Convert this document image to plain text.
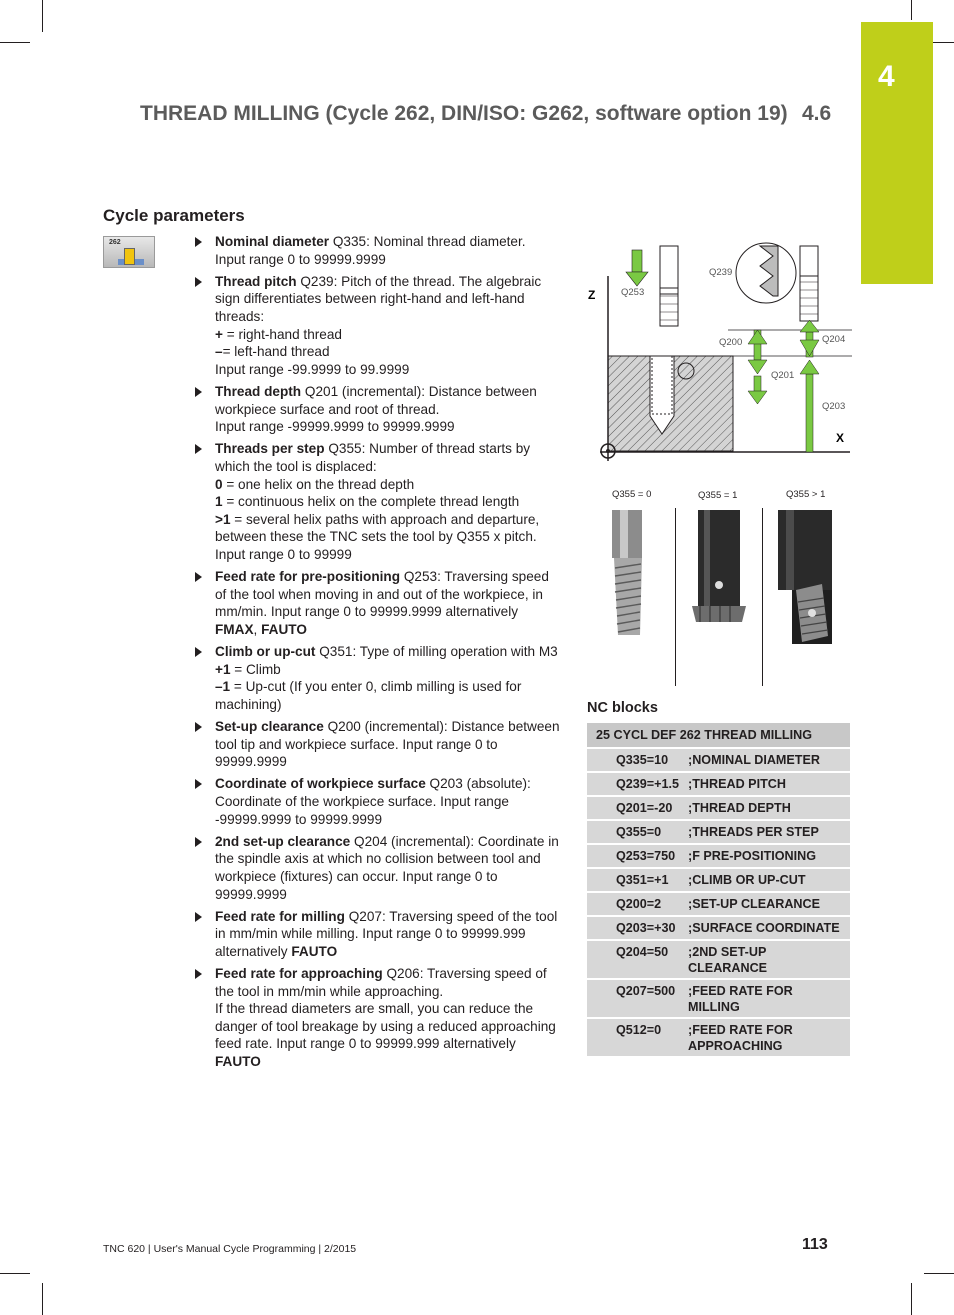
4
THREAD MILLING (Cycle 262, DIN/ISO: G262, software option 19) 4.6
Cycle parameters
262	Nominal diameter Q335: Nominal thread diameter.
Input range 0 to 99999.9999
Thread pitch Q239: Pitch of the thread. The algebraic sign differentiates between right-hand and left-hand threads:
+ = right-hand thread
–= left-hand thread
Input range -99.9999 to 99.9999
Thread depth Q201 (incremental): Distance between workpiece surface and root of thread.
Input range -99999.9999 to 99999.9999
Threads per step Q355: Number of thread starts by which the tool is displaced:
0 = one helix on the thread depth
1 = continuous helix on the complete thread length
>1 = several helix paths with approach and departure, between these the TNC sets the tool by Q355 x pitch. Input range 0 to 99999
Feed rate for pre-positioning Q253: Traversing speed of the tool when moving in and out of the workpiece, in mm/min. Input range 0 to 99999.9999 alternatively FMAX, FAUTO
Climb or up-cut Q351: Type of milling operation with M3
+1 = Climb
–1 = Up-cut (If you enter 0, climb milling is used for machining)
Set-up clearance Q200 (incremental): Distance between tool tip and workpiece surface. Input range 0 to 99999.9999
Coordinate of workpiece surface Q203 (absolute): Coordinate of the workpiece surface. Input range -99999.9999 to 99999.9999
2nd set-up clearance Q204 (incremental): Coordinate in the spindle axis at which no collision between tool and workpiece (fixtures) can occur. Input range 0 to 99999.9999
Feed rate for milling Q207: Traversing speed of the tool in mm/min while milling. Input range 0 to 99999.999 alternatively FAUTO
Feed rate for approaching Q206: Traversing speed of the tool in mm/min while approaching.
If the thread diameters are small, you can reduce the danger of tool breakage by using a reduced approaching feed rate. Input range 0 to 99999.999 alternatively
FAUTO
Z
X
Q253
Q239
Q200
Q201
Q204
Q203
Q355 = 0	Q355 = 1	Q355 > 1
NC blocks
25 CYCL DEF 262 THREAD MILLING
Q335=10	;NOMINAL DIAMETER
Q239=+1.5 ;THREAD PITCH
Q201=-20	;THREAD DEPTH
Q355=0	;THREADS PER STEP
Q253=750	;F PRE-POSITIONING
Q351=+1	;CLIMB OR UP-CUT
Q200=2	;SET-UP CLEARANCE
Q203=+30 ;SURFACE COORDINATE
Q204=50	;2ND SET-UP CLEARANCE
Q207=500	;FEED RATE FOR MILLING
Q512=0	;FEED RATE FOR APPROACHING
TNC 620 | User's Manual Cycle Programming | 2/2015	113
